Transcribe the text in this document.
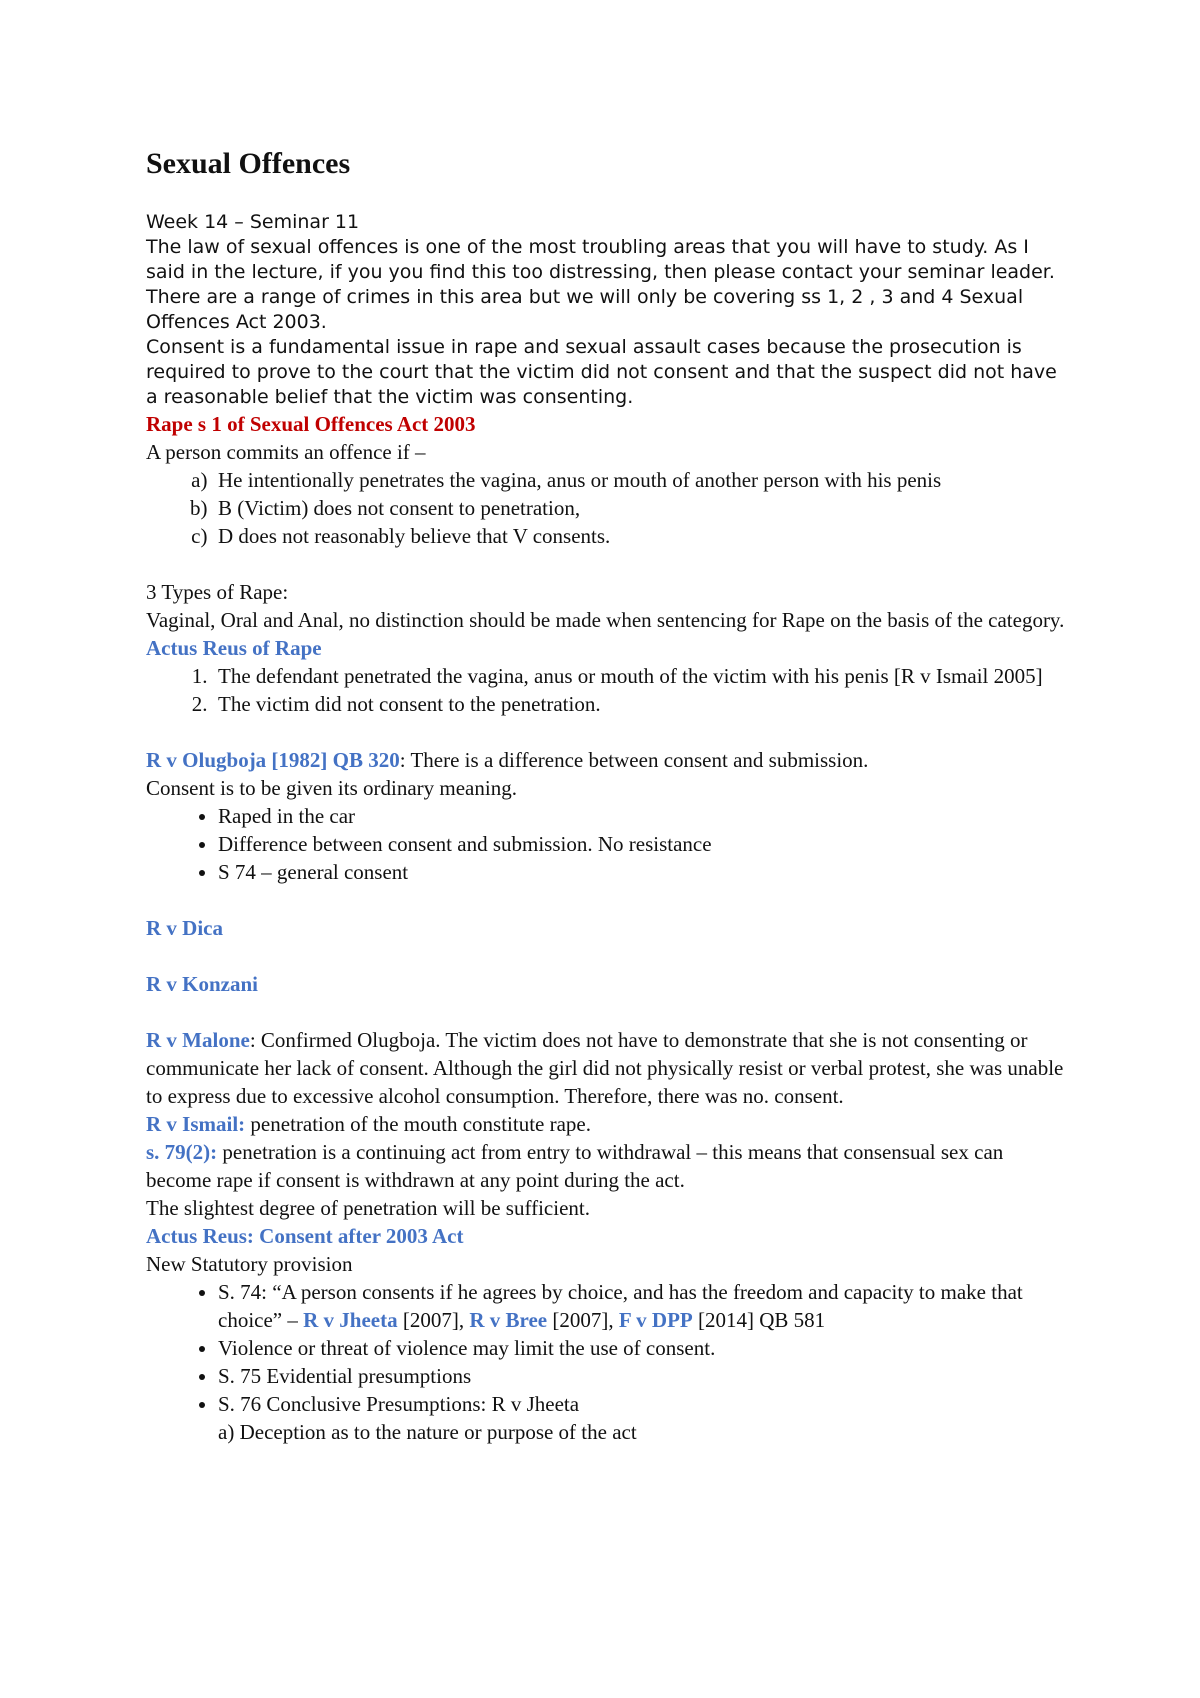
Sexual Offences

Week 14 – Seminar 11

The law of sexual offences is one of the most troubling areas that you will have to study. As I said in the lecture, if you you find this too distressing, then please contact your seminar leader. There are a range of crimes in this area but we will only be covering ss 1, 2 , 3 and 4 Sexual Offences Act 2003.

Consent is a fundamental issue in rape and sexual assault cases because the prosecution is required to prove to the court that the victim did not consent and that the suspect did not have a reasonable belief that the victim was consenting.

Rape s 1 of Sexual Offences Act 2003

A person commits an offence if –

a. He intentionally penetrates the vagina, anus or mouth of another person with his penis
b. B (Victim) does not consent to penetration,
c. D does not reasonably believe that V consents.

3 Types of Rape:

Vaginal, Oral and Anal, no distinction should be made when sentencing for Rape on the basis of the category.

Actus Reus of Rape

1. The defendant penetrated the vagina, anus or mouth of the victim with his penis [R v Ismail 2005]
2. The victim did not consent to the penetration.

R v Olugboja [1982] QB 320: There is a difference between consent and submission.

Consent is to be given its ordinary meaning.

• Raped in the car
• Difference between consent and submission. No resistance
• S 74 – general consent

R v Dica

R v Konzani

R v Malone: Confirmed Olugboja. The victim does not have to demonstrate that she is not consenting or communicate her lack of consent. Although the girl did not physically resist or verbal protest, she was unable to express due to excessive alcohol consumption. Therefore, there was no. consent.

R v Ismail: penetration of the mouth constitute rape.

s. 79(2): penetration is a continuing act from entry to withdrawal – this means that consensual sex can become rape if consent is withdrawn at any point during the act.

The slightest degree of penetration will be sufficient.

Actus Reus: Consent after 2003 Act

New Statutory provision

• S. 74: “A person consents if he agrees by choice, and has the freedom and capacity to make that choice” – R v Jheeta [2007], R v Bree [2007], F v DPP [2014] QB 581
• Violence or threat of violence may limit the use of consent.
• S. 75 Evidential presumptions
• S. 76 Conclusive Presumptions: R v Jheeta
a. Deception as to the nature or purpose of the act
